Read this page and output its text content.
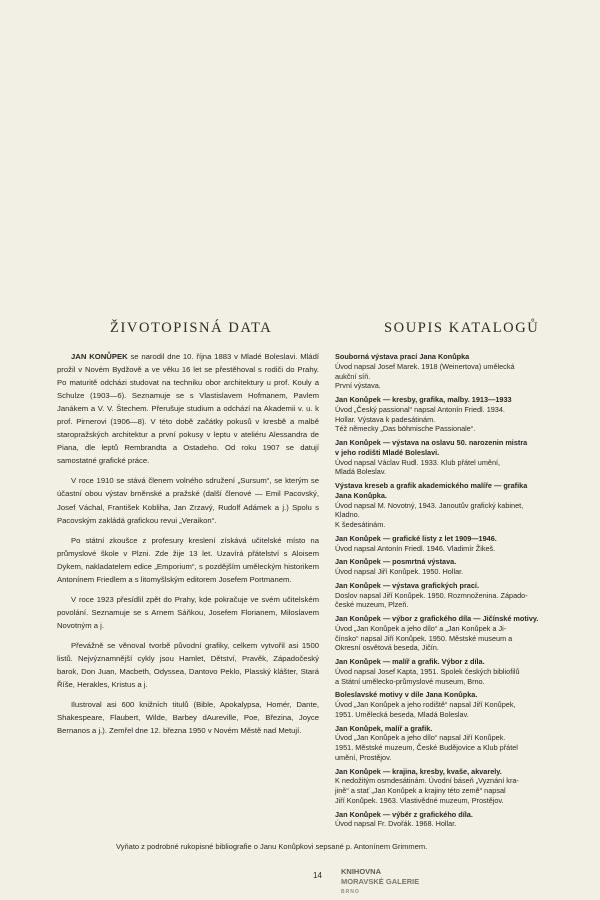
ŽIVOTOPISNÁ DATA	SOUPIS KATALOGŮ

JAN KONŮPEK se narodil dne 10. října 1883 v Mladé Boleslavi. Mládí prožil v Novém Bydžově a ve věku 16 let se přestěhoval s rodiči do Prahy. Po maturitě odcházi studovat na techniku obor architektury u prof. Kouly a Schulze (1903—6). Seznamuje se s Vlastislavem Hofmanem, Pavlem Janákem a V. V. Štechem. Přerušuje studium a odchází na Akademii v. u. k prof. Pirnerovi (1906—8). V této době začátky pokusů v kresbě a malbě staropražských architektur a první pokusy v leptu v ateliéru Alessandra de Piana, dle leptů Rembrandta a Ostadeho. Od roku 1907 se datují samostatné grafické práce.

V roce 1910 se stává členem volného sdružení „Sursum“, se kterým se účastní obou výstav brněnské a pražské (další členové — Emil Pacovský, Josef Váchal, František Kobliha, Jan Zrzavý, Rudolf Adámek a j.) Spolu s Pacovským zakládá grafickou revui „Veraikon“.

Po státní zkoušce z profesury kreslení získává učitelské místo na průmyslové škole v Plzni. Zde žije 13 let. Uzavírá přátelství s Aloisem Dykem, nakladatelem edice „Emporium“, s pozdějším uměleckým historikem Antonínem Friedlem a s litomyšlským editorem Josefem Portmanem.

V roce 1923 přesídlil zpět do Prahy, kde pokračuje ve svém učitelském povolání. Seznamuje se s Arnem Sáňkou, Josefem Florianem, Miloslavem Novotným a j.

Převážně se věnoval tvorbě původní grafiky, celkem vytvořil asi 1500 listů. Nejvýznamnější cykly jsou Hamlet, Dětství, Pravěk, Západočeský barok, Don Juan, Macbeth, Odyssea, Dantovo Peklo, Plasský klášter, Stará Říše, Herakles, Kristus a j.

Ilustroval asi 600 knižních titulů (Bible, Apokalypsa, Homér, Dante, Shakespeare, Flaubert, Wilde, Barbey dAureville, Poe, Březina, Joyce Bernanos a j.). Zemřel dne 12. března 1950 v Novém Městě nad Metují.

Souborná výstava prací Jana Konůpka
Úvod napsal Josef Marek. 1918 (Weinertova) umělecká
aukční síň.
První výstava.
Jan Konůpek — kresby, grafika, malby. 1913—1933
Úvod „Český passional“ napsal Antonín Friedl. 1934.
Hollar. Výstava k padesátinám.
Též německy „Das böhmische Passionale“.
Jan Konůpek — výstava na oslavu 50. narozenin mistra
v jeho rodišti Mladé Boleslavi.
Úvod napsal Václav Rudl. 1933. Klub přátel umění,
Mladá Boleslav.
Výstava kreseb a grafik akademického malíře — grafika
Jana Konůpka.
Úvod napsal M. Novotný, 1943. Janoutův grafický kabinet,
Kladno.
K šedesátinám.
Jan Konůpek — grafické listy z let 1909—1946.
Úvod napsal Antonín Friedl. 1946. Vladimír Žikeš.
Jan Konůpek — posmrtná výstava.
Úvod napsal Jiří Konůpek. 1950. Hollar.
Jan Konůpek — výstava grafických prací.
Doslov napsal Jiří Konůpek. 1950. Rozmnoženina. Západo-
české muzeum, Plzeň.
Jan Konůpek — výbor z grafického díla — Jičínské motivy.
Úvod „Jan Konůpek a jeho dílo“ a „Jan Konůpek a Ji-
čínsko“ napsal Jiří Konůpek. 1950. Městské museum a
Okresní osvětová beseda, Jičín.
Jan Konůpek — malíř a grafik. Výbor z díla.
Úvod napsal Josef Kapta, 1951. Spolek českých bibliofilů
a Státní umělecko-průmyslové museum, Brno.
Boleslavské motivy v díle Jana Konůpka.
Úvod „Jan Konůpek a jeho rodiště“ napsal Jiří Konůpek,
1951. Umělecká beseda, Mladá Boleslav.
Jan Konůpek, malíř a grafik.
Úvod „Jan Konůpek a jeho dílo“ napsal Jiří Konůpek.
1951. Městské muzeum, České Budějovice a Klub přátel
umění, Prostějov.
Jan Konůpek — krajina, kresby, kvaše, akvarely.
K nedožitým osmdesátinám. Úvodní báseň „Vyznání kra-
jině“ a stať „Jan Konůpek a krajiny této země“ napsal
Jiří Konůpek. 1963. Vlastivědné muzeum, Prostějov.
Jan Konůpek — výběr z grafického díla.
Úvod napsal Fr. Dvořák. 1968. Hollar.
Vyňato z podrobné rukopisné bibliografie o Janu Konůpkovi sepsané p. Antonínem Grimmem.
14	KNIHOVNA
MORAVSKÉ GALERIE
BRNO
